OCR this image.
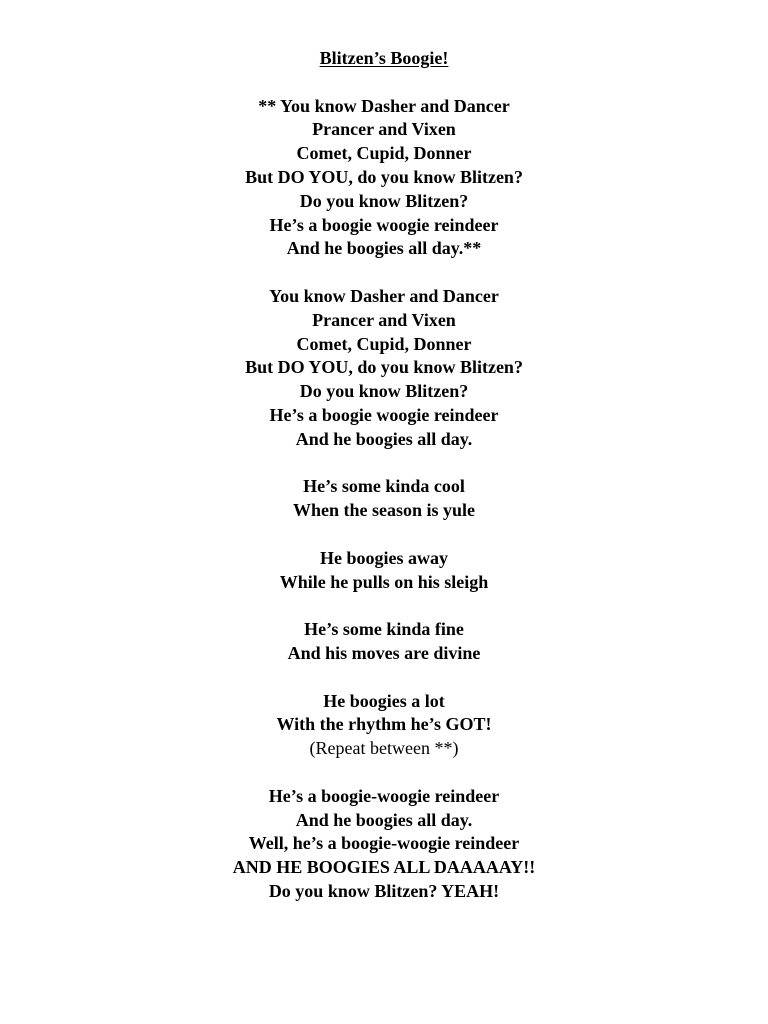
Blitzen’s Boogie!
** You know Dasher and Dancer
Prancer and Vixen
Comet, Cupid, Donner
But DO YOU, do you know Blitzen?
Do you know Blitzen?
He’s a boogie woogie reindeer
And he boogies all day.**
You know Dasher and Dancer
Prancer and Vixen
Comet, Cupid, Donner
But DO YOU, do you know Blitzen?
Do you know Blitzen?
He’s a boogie woogie reindeer
And he boogies all day.
He’s some kinda cool
When the season is yule
He boogies away
While he pulls on his sleigh
He’s some kinda fine
And his moves are divine
He boogies a lot
With the rhythm he’s GOT!
(Repeat between **)
He’s a boogie-woogie reindeer
And he boogies all day.
Well, he’s a boogie-woogie reindeer
AND HE BOOGIES ALL DAAAAAY!!
Do you know Blitzen? YEAH!
